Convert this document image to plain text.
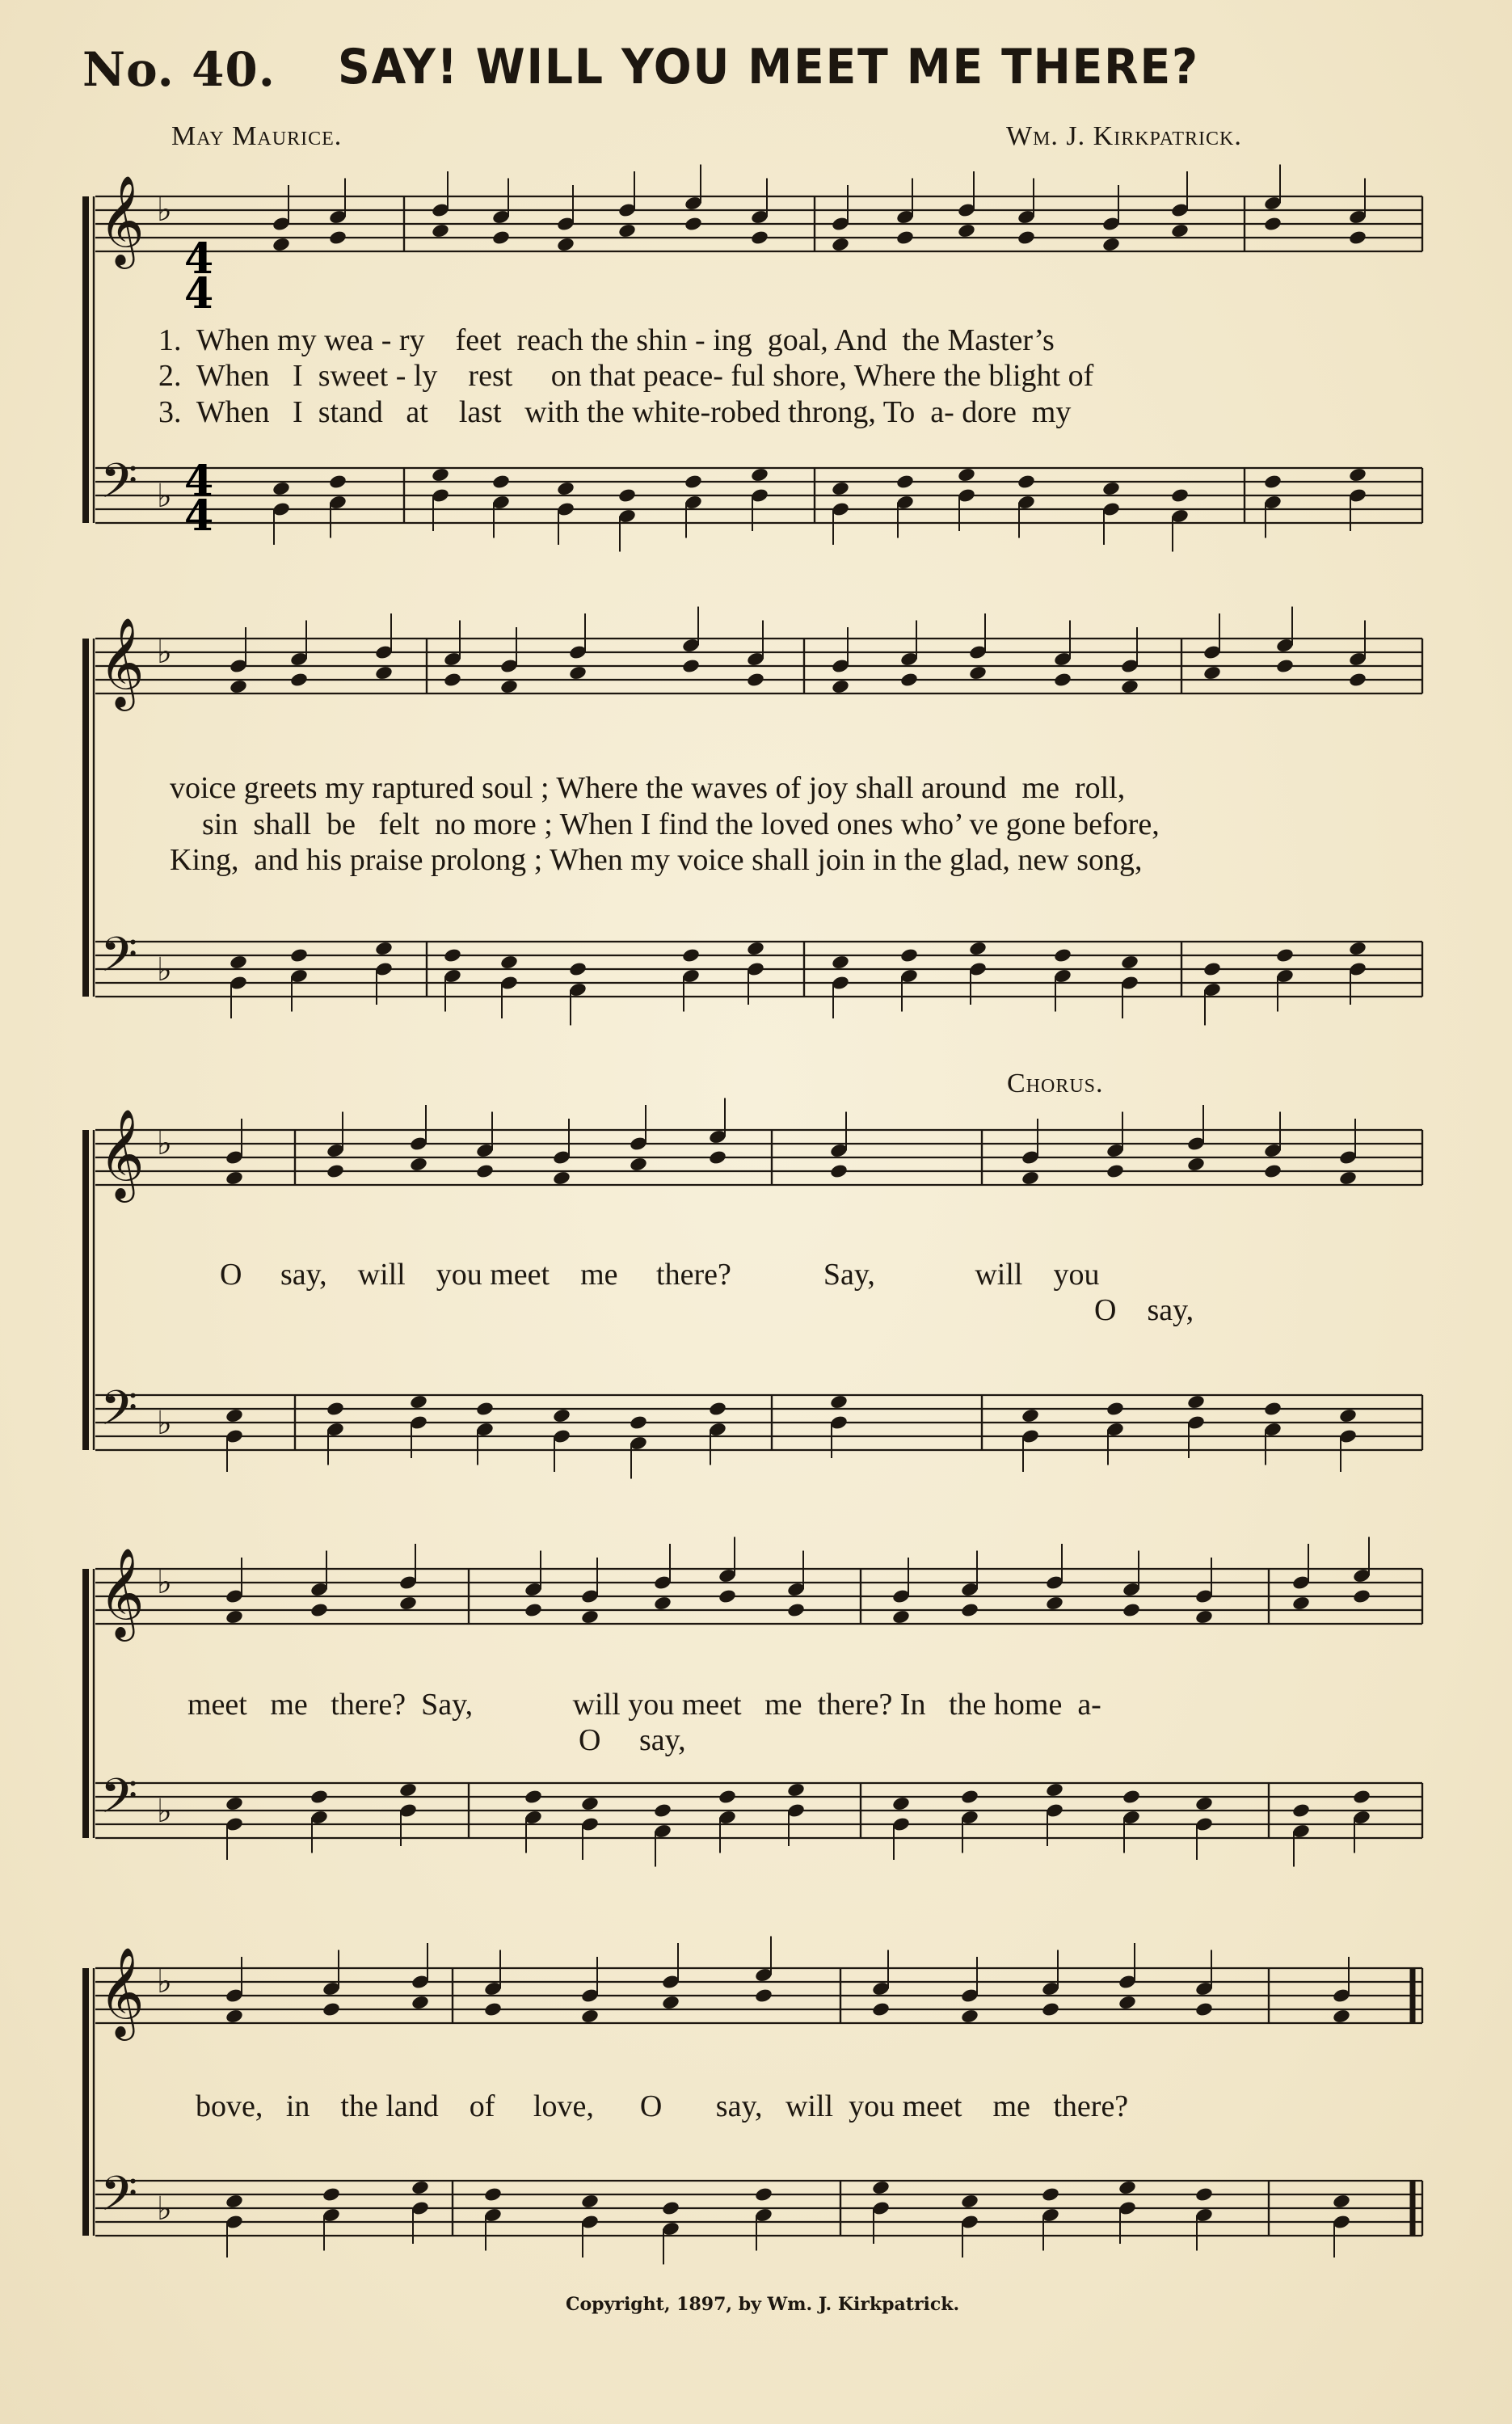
No. 40. SAY! WILL YOU MEET ME THERE?
May Maurice.	Wm. J. Kirkpatrick.
Chorus.
𝄞
𝄢
♭
♭
𝄞
𝄢
♭
♭
𝄞
𝄢
♭
♭
𝄞
𝄢
♭
♭
𝄞
𝄢
♭
♭
4
4
4
4
1.  When my wea - ry    feet  reach the shin - ing  goal, And  the Master’s
2.  When   I  sweet - ly    rest     on that peace- ful shore, Where the blight of
3.  When   I  stand   at    last   with the white-robed throng, To  a- dore  my
voice greets my raptured soul ; Where the waves of joy shall around  me  roll,
sin  shall  be   felt  no more ; When I find the loved ones who’ ve gone before,
King,  and his praise prolong ; When my voice shall join in the glad, new song,
O     say,    will    you meet    me     there?            Say,             will    you
O    say,
meet   me   there?  Say,             will you meet   me  there? In   the home  a-
O     say,
bove,   in    the land    of     love,      O       say,   will  you meet    me   there?
Copyright, 1897, by Wm. J. Kirkpatrick.
